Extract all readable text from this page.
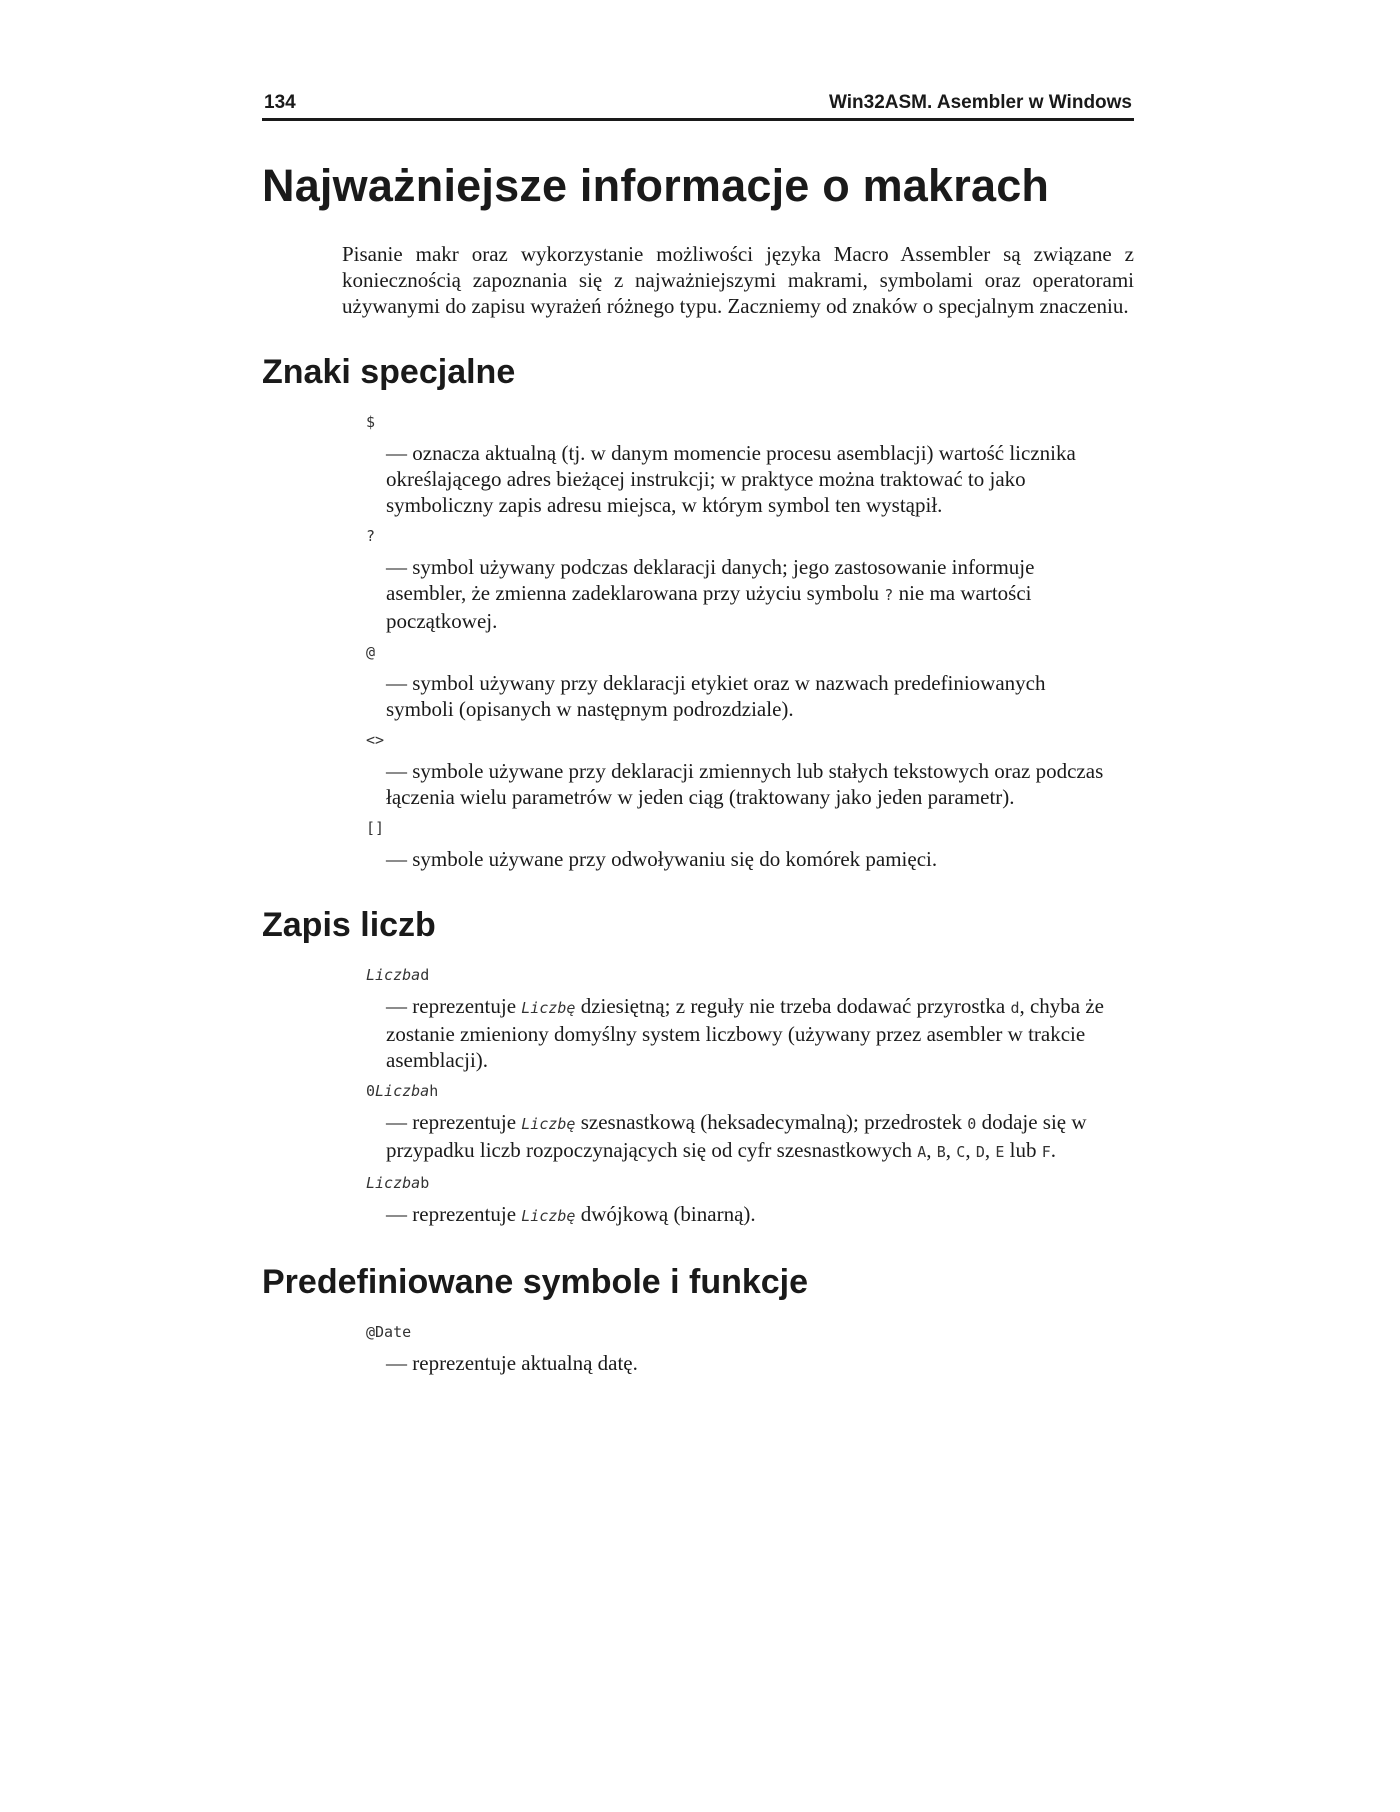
134	Win32ASM. Asembler w Windows
Najważniejsze informacje o makrach

Pisanie makr oraz wykorzystanie możliwości języka Macro Assembler są związane z koniecznością zapoznania się z najważniejszymi makrami, symbolami oraz operatorami używanymi do zapisu wyrażeń różnego typu. Zaczniemy od znaków o specjalnym znaczeniu.

Znaki specjalne
$
— oznacza aktualną (tj. w danym momencie procesu asemblacji) wartość licznika określającego adres bieżącej instrukcji; w praktyce można traktować to jako symboliczny zapis adresu miejsca, w którym symbol ten wystąpił.
?
— symbol używany podczas deklaracji danych; jego zastosowanie informuje asembler, że zmienna zadeklarowana przy użyciu symbolu ? nie ma wartości początkowej.
@
— symbol używany przy deklaracji etykiet oraz w nazwach predefiniowanych symboli (opisanych w następnym podrozdziale).
<>
— symbole używane przy deklaracji zmiennych lub stałych tekstowych oraz podczas łączenia wielu parametrów w jeden ciąg (traktowany jako jeden parametr).
[]
— symbole używane przy odwoływaniu się do komórek pamięci.
Zapis liczb
Liczbad
— reprezentuje Liczbę dziesiętną; z reguły nie trzeba dodawać przyrostka d, chyba że zostanie zmieniony domyślny system liczbowy (używany przez asembler w trakcie asemblacji).
0Liczbah
— reprezentuje Liczbę szesnastkową (heksadecymalną); przedrostek 0 dodaje się w przypadku liczb rozpoczynających się od cyfr szesnastkowych A, B, C, D, E lub F.
Liczbab
— reprezentuje Liczbę dwójkową (binarną).
Predefiniowane symbole i funkcje
@Date
— reprezentuje aktualną datę.
